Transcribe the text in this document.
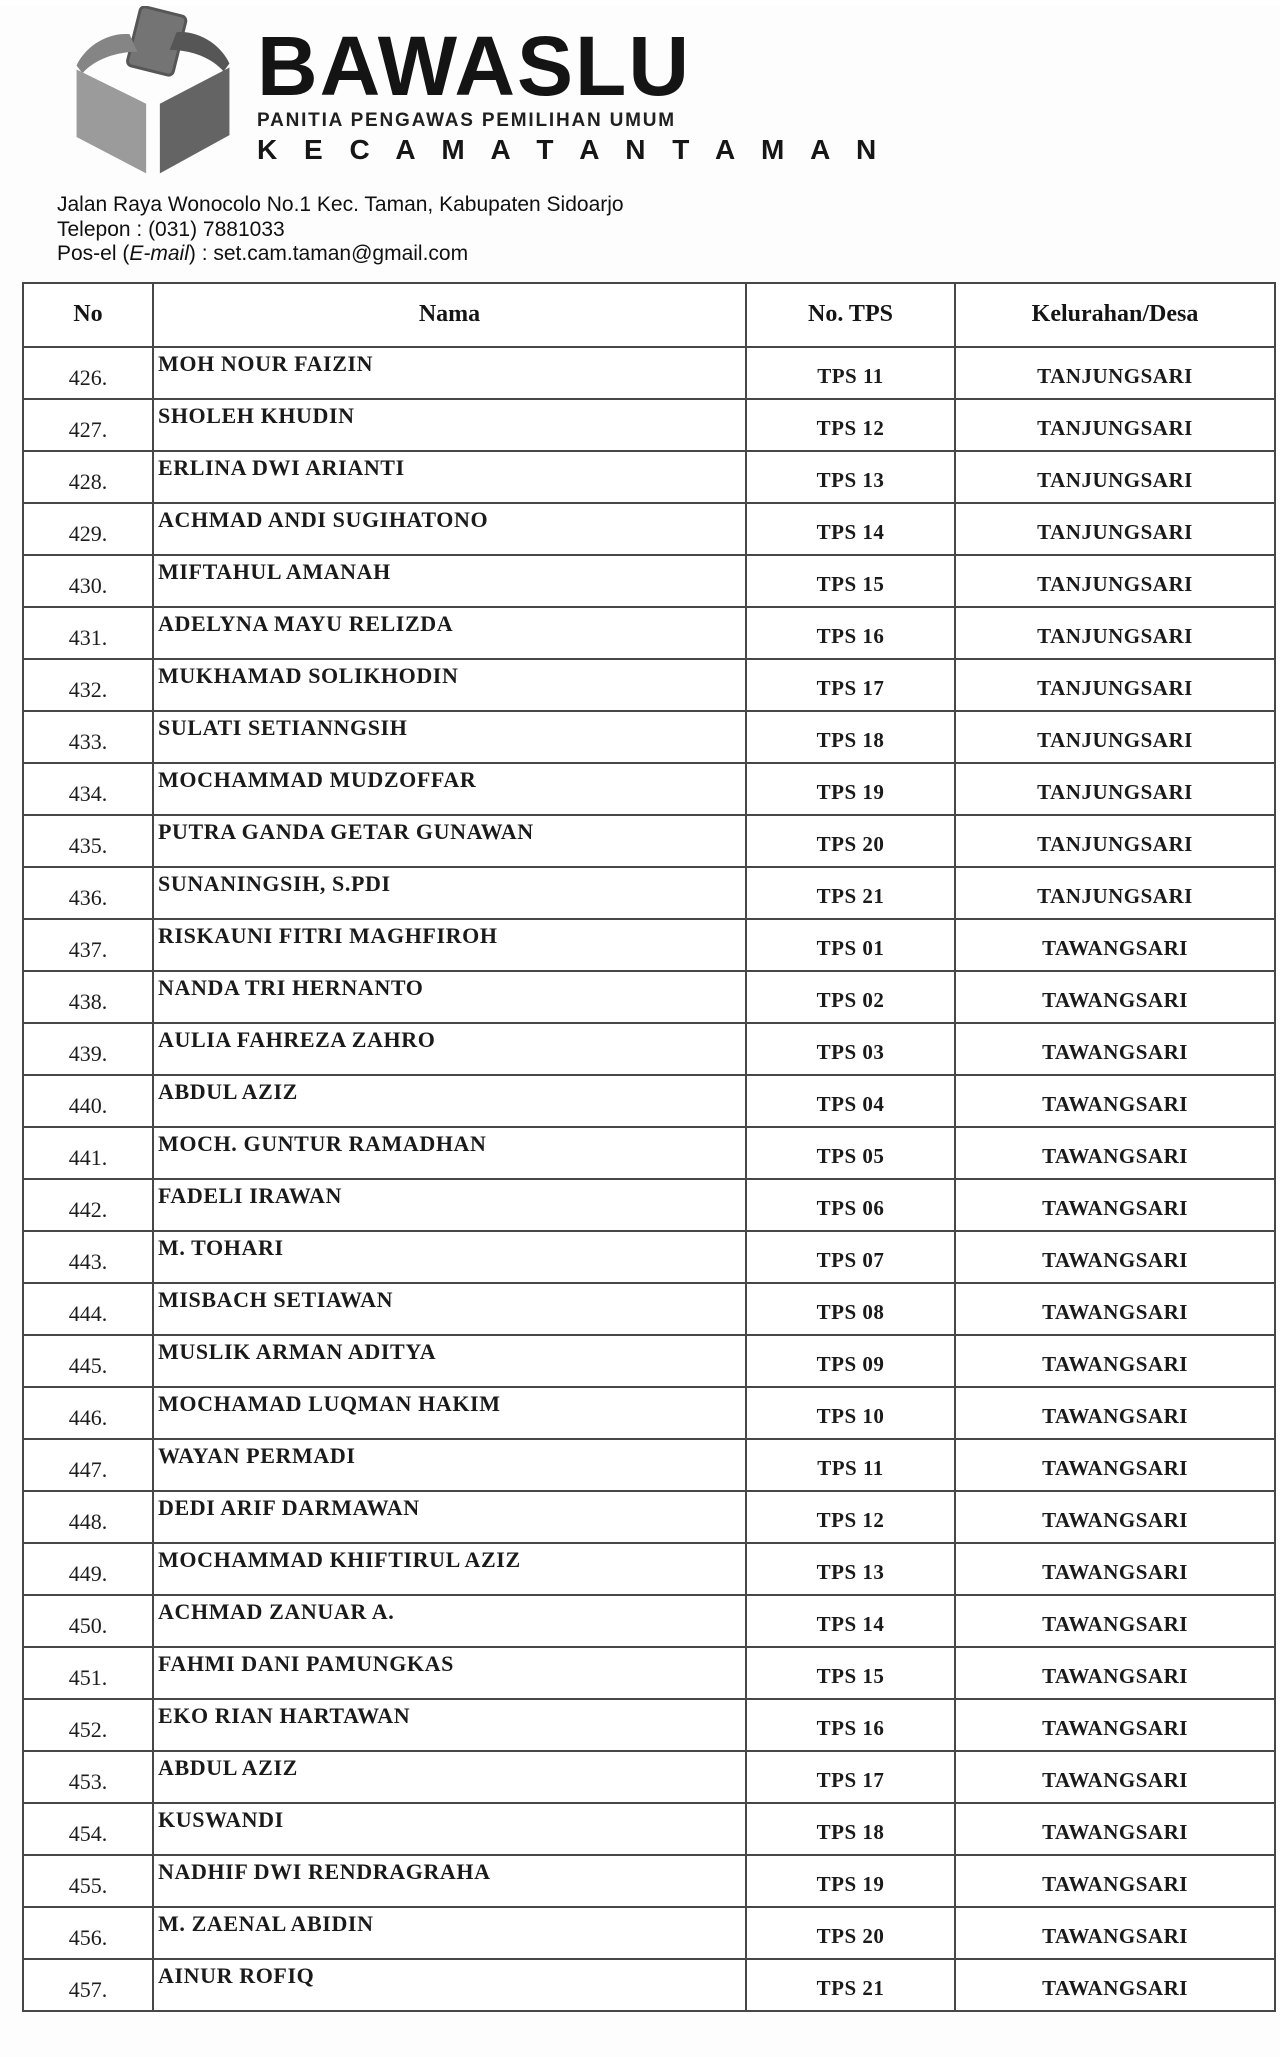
BAWASLU
PANITIA PENGAWAS PEMILIHAN UMUM
K E C A M A T A N T A M A N
Jalan Raya Wonocolo No.1 Kec. Taman, Kabupaten Sidoarjo
Telepon : (031) 7881033
Pos-el (E-mail) : set.cam.taman@gmail.com
No	Nama	No. TPS	Kelurahan/Desa
426.	MOH NOUR FAIZIN	TPS 11	TANJUNGSARI
427.	SHOLEH KHUDIN	TPS 12	TANJUNGSARI
428.	ERLINA DWI ARIANTI	TPS 13	TANJUNGSARI
429.	ACHMAD ANDI SUGIHATONO	TPS 14	TANJUNGSARI
430.	MIFTAHUL AMANAH	TPS 15	TANJUNGSARI
431.	ADELYNA MAYU RELIZDA	TPS 16	TANJUNGSARI
432.	MUKHAMAD SOLIKHODIN	TPS 17	TANJUNGSARI
433.	SULATI SETIANNGSIH	TPS 18	TANJUNGSARI
434.	MOCHAMMAD MUDZOFFAR	TPS 19	TANJUNGSARI
435.	PUTRA GANDA GETAR GUNAWAN	TPS 20	TANJUNGSARI
436.	SUNANINGSIH, S.PDI	TPS 21	TANJUNGSARI
437.	RISKAUNI FITRI MAGHFIROH	TPS 01	TAWANGSARI
438.	NANDA TRI HERNANTO	TPS 02	TAWANGSARI
439.	AULIA FAHREZA ZAHRO	TPS 03	TAWANGSARI
440.	ABDUL AZIZ	TPS 04	TAWANGSARI
441.	MOCH. GUNTUR RAMADHAN	TPS 05	TAWANGSARI
442.	FADELI IRAWAN	TPS 06	TAWANGSARI
443.	M. TOHARI	TPS 07	TAWANGSARI
444.	MISBACH SETIAWAN	TPS 08	TAWANGSARI
445.	MUSLIK ARMAN ADITYA	TPS 09	TAWANGSARI
446.	MOCHAMAD LUQMAN HAKIM	TPS 10	TAWANGSARI
447.	WAYAN PERMADI	TPS 11	TAWANGSARI
448.	DEDI ARIF DARMAWAN	TPS 12	TAWANGSARI
449.	MOCHAMMAD KHIFTIRUL AZIZ	TPS 13	TAWANGSARI
450.	ACHMAD ZANUAR A.	TPS 14	TAWANGSARI
451.	FAHMI DANI PAMUNGKAS	TPS 15	TAWANGSARI
452.	EKO RIAN HARTAWAN	TPS 16	TAWANGSARI
453.	ABDUL AZIZ	TPS 17	TAWANGSARI
454.	KUSWANDI	TPS 18	TAWANGSARI
455.	NADHIF DWI RENDRAGRAHA	TPS 19	TAWANGSARI
456.	M. ZAENAL ABIDIN	TPS 20	TAWANGSARI
457.	AINUR ROFIQ	TPS 21	TAWANGSARI
